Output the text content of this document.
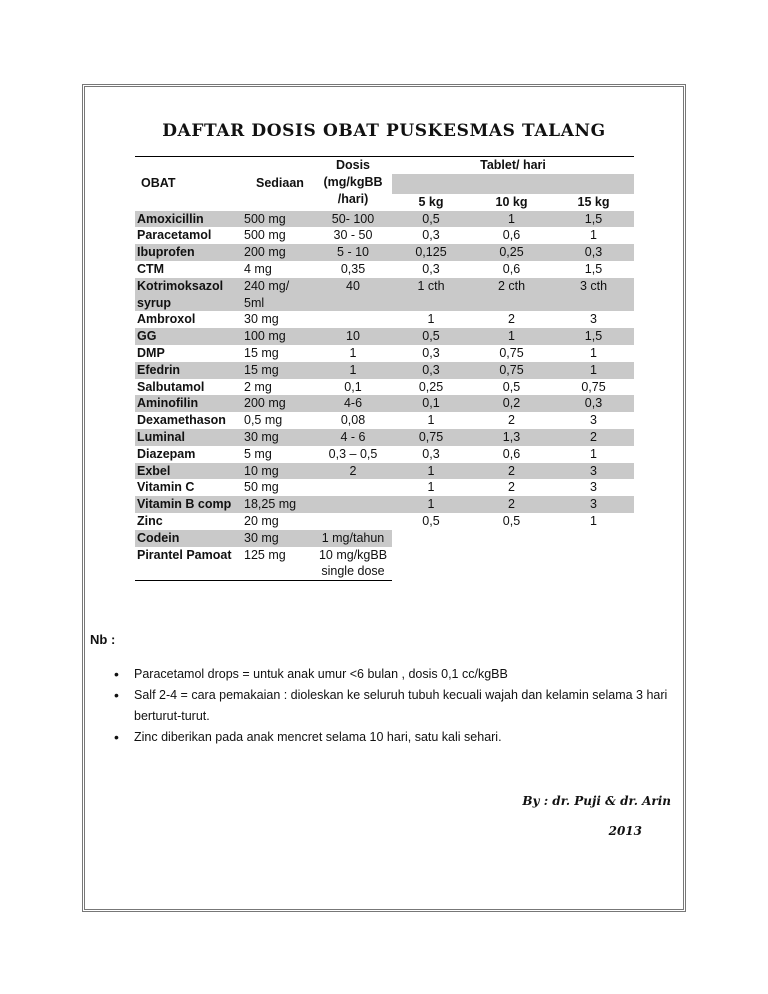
DAFTAR DOSIS OBAT PUSKESMAS TALANG
OBAT	Sediaan	Dosis (mg/kgBB /hari)	Tablet/ hari		

			5 kg	10 kg	15 kg
Amoxicillin	500 mg	50- 100	0,5	1	1,5
Paracetamol	500 mg	30 - 50	0,3	0,6	1
Ibuprofen	200 mg	5 - 10	0,125	0,25	0,3
CTM	4 mg	0,35	0,3	0,6	1,5
Kotrimoksazol syrup	240 mg/ 5ml	40	1 cth	2 cth	3 cth
Ambroxol	30 mg		1	2	3
GG	100 mg	10	0,5	1	1,5
DMP	15 mg	1	0,3	0,75	1
Efedrin	15 mg	1	0,3	0,75	1
Salbutamol	2 mg	0,1	0,25	0,5	0,75
Aminofilin	200 mg	4-6	0,1	0,2	0,3
Dexamethason	0,5 mg	0,08	1	2	3
Luminal	30 mg	4 - 6	0,75	1,3	2
Diazepam	5 mg	0,3 – 0,5	0,3	0,6	1
Exbel	10 mg	2	1	2	3
Vitamin C	50 mg		1	2	3
Vitamin B comp	18,25 mg		1	2	3
Zinc	20 mg		0,5	0,5	1
Codein	30 mg	1 mg/tahun			
Pirantel Pamoat	125 mg	10 mg/kgBB single dose			

Nb :
• Paracetamol drops = untuk anak umur <6 bulan , dosis 0,1 cc/kgBB
• Salf 2-4 = cara pemakaian : dioleskan ke seluruh tubuh kecuali wajah dan kelamin selama 3 hari berturut-turut.
• Zinc diberikan pada anak mencret selama 10 hari, satu kali sehari.
By : dr. Puji & dr. Arin
2013
